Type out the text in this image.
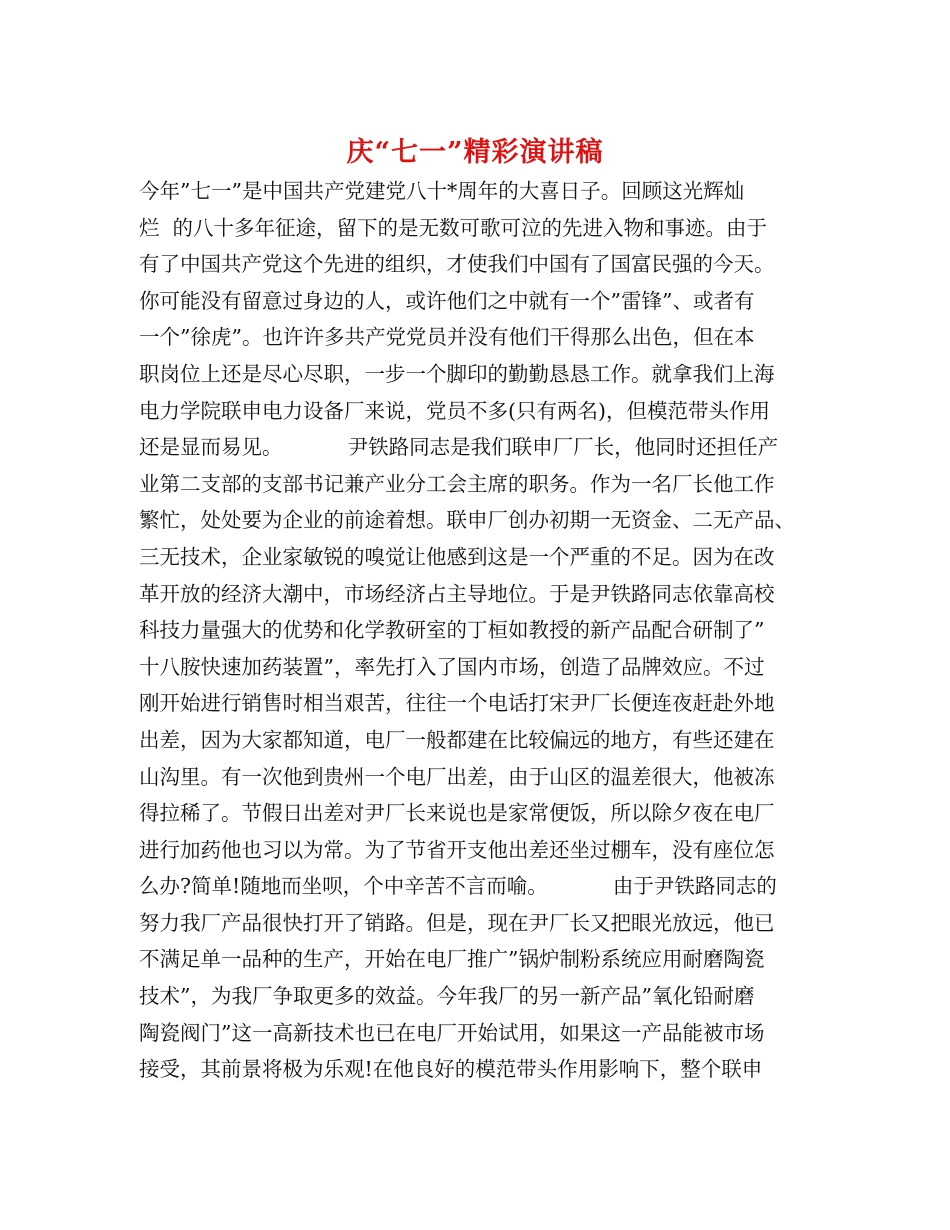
庆“七一”精彩演讲稿
今年”七一”是中国共产党建党八十*周年的大喜日子。回顾这光辉灿
烂  的八十多年征途，留下的是无数可歌可泣的先进入物和事迹。由于
有了中国共产党这个先进的组织，才使我们中国有了国富民强的今天。
你可能没有留意过身边的人，或许他们之中就有一个”雷锋”、或者有
一个”徐虎”。也许许多共产党党员并没有他们干得那么出色，但在本
职岗位上还是尽心尽职，一步一个脚印的勤勤恳恳工作。就拿我们上海
电力学院联申电力设备厂来说，党员不多(只有两名)，但模范带头作用
还是显而易见。          尹铁路同志是我们联申厂厂长，他同时还担任产
业第二支部的支部书记兼产业分工会主席的职务。作为一名厂长他工作
繁忙，处处要为企业的前途着想。联申厂创办初期一无资金、二无产品、
三无技术，企业家敏锐的嗅觉让他感到这是一个严重的不足。因为在改
革开放的经济大潮中，市场经济占主导地位。于是尹铁路同志依靠高校
科技力量强大的优势和化学教研室的丁桓如教授的新产品配合研制了”
十八胺快速加药装置”，率先打入了国内市场，创造了品牌效应。不过
刚开始进行销售时相当艰苦，往往一个电话打宋尹厂长便连夜赶赴外地
出差，因为大家都知道，电厂一般都建在比较偏远的地方，有些还建在
山沟里。有一次他到贵州一个电厂出差，由于山区的温差很大，他被冻
得拉稀了。节假日出差对尹厂长来说也是家常便饭，所以除夕夜在电厂
进行加药他也习以为常。为了节省开支他出差还坐过棚车，没有座位怎
么办?简单!随地而坐呗，个中辛苦不言而喻。          由于尹铁路同志的
努力我厂产品很快打开了销路。但是，现在尹厂长又把眼光放远，他已
不满足单一品种的生产，开始在电厂推广”锅炉制粉系统应用耐磨陶瓷
技术”，为我厂争取更多的效益。今年我厂的另一新产品”氧化铅耐磨
陶瓷阀门”这一高新技术也已在电厂开始试用，如果这一产品能被市场
接受，其前景将极为乐观!在他良好的模范带头作用影响下，整个联申
